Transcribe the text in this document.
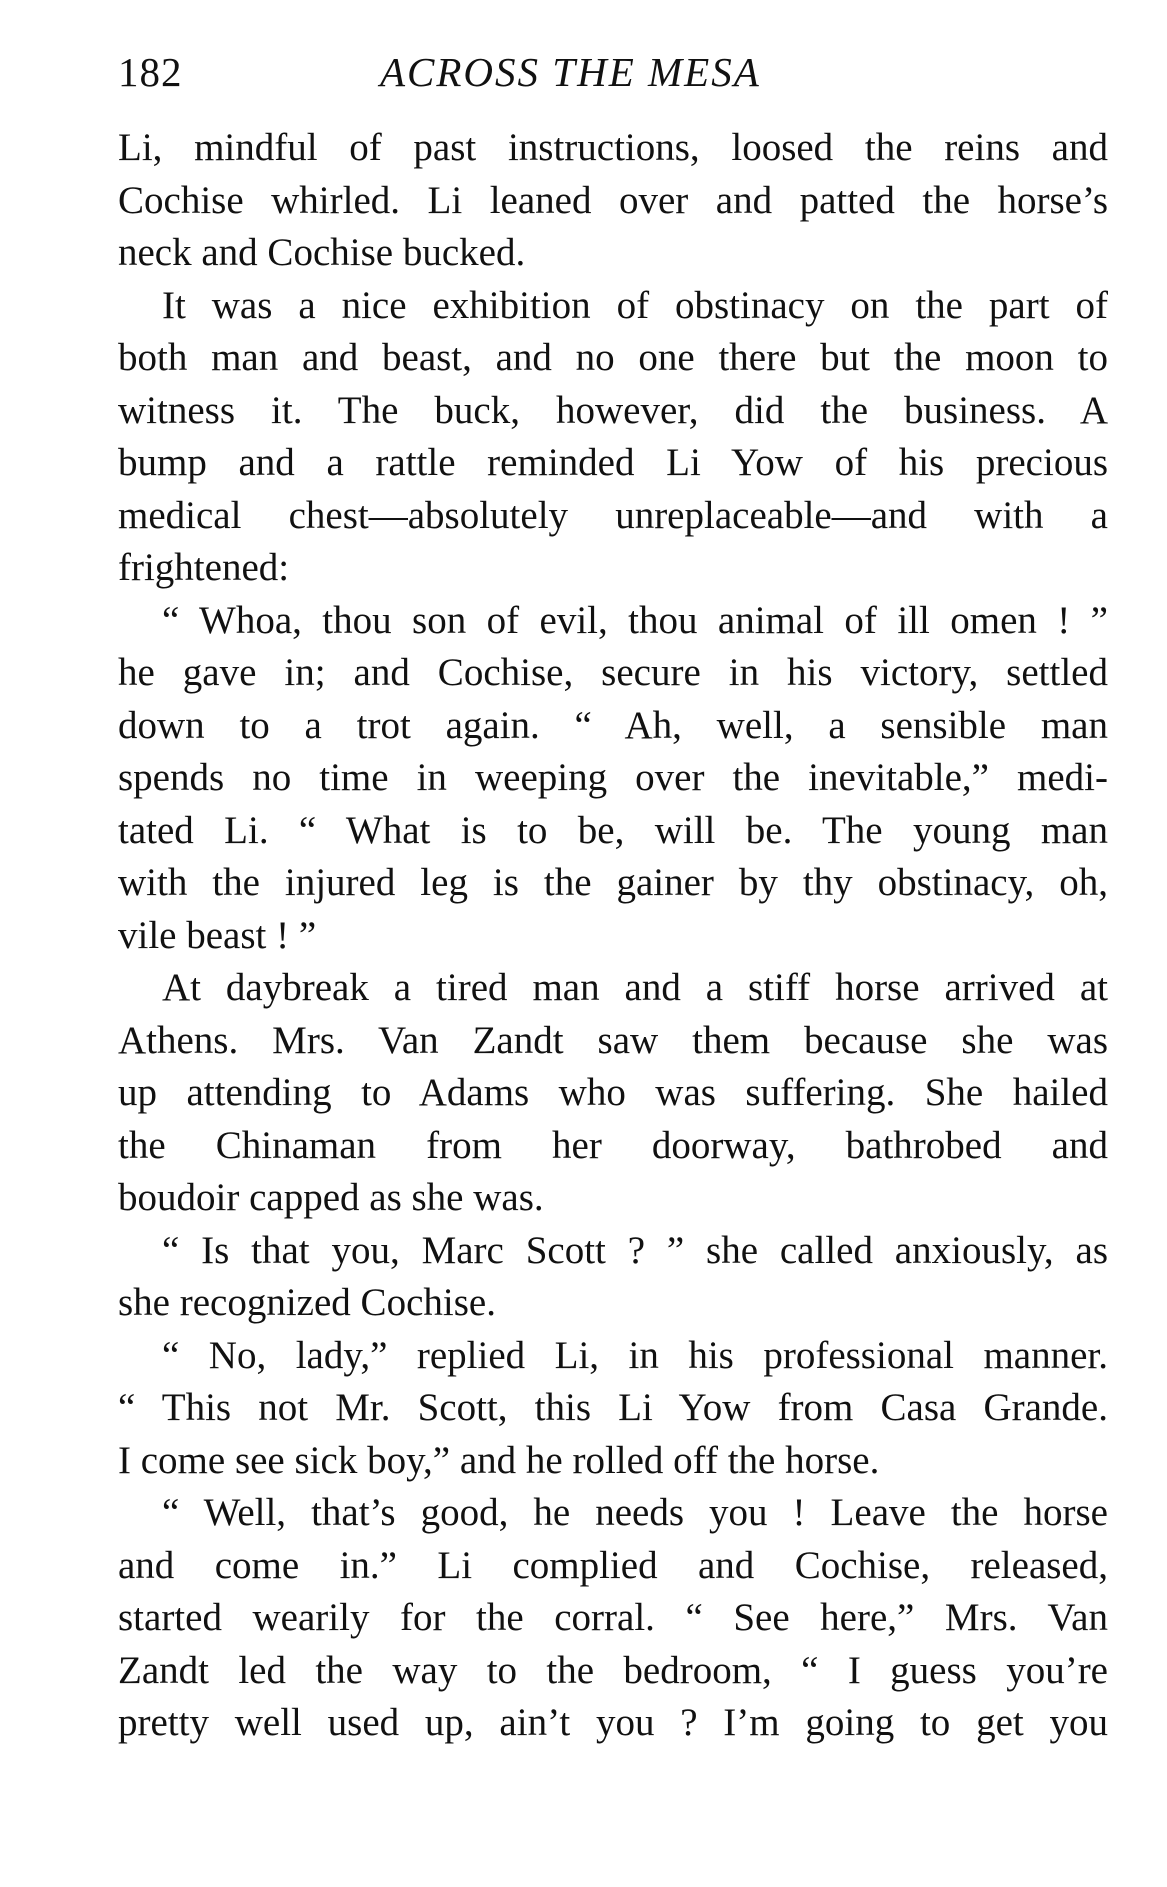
182	ACROSS THE MESA
Li, mindful of past instructions, loosed the reins and
Cochise whirled. Li leaned over and patted the horse’s
neck and Cochise bucked.
It was a nice exhibition of obstinacy on the part of
both man and beast, and no one there but the moon to
witness it. The buck, however, did the business. A
bump and a rattle reminded Li Yow of his precious
medical chest—absolutely unreplaceable—and with a
frightened:
“ Whoa, thou son of evil, thou animal of ill omen ! ”
he gave in; and Cochise, secure in his victory, settled
down to a trot again. “ Ah, well, a sensible man
spends no time in weeping over the inevitable,” medi-
tated Li. “ What is to be, will be. The young man
with the injured leg is the gainer by thy obstinacy, oh,
vile beast ! ”
At daybreak a tired man and a stiff horse arrived at
Athens. Mrs. Van Zandt saw them because she was
up attending to Adams who was suffering. She hailed
the Chinaman from her doorway, bathrobed and
boudoir capped as she was.
“ Is that you, Marc Scott ? ” she called anxiously, as
she recognized Cochise.
“ No, lady,” replied Li, in his professional manner.
“ This not Mr. Scott, this Li Yow from Casa Grande.
I come see sick boy,” and he rolled off the horse.
“ Well, that’s good, he needs you ! Leave the horse
and come in.” Li complied and Cochise, released,
started wearily for the corral. “ See here,” Mrs. Van
Zandt led the way to the bedroom, “ I guess you’re
pretty well used up, ain’t you ? I’m going to get you
